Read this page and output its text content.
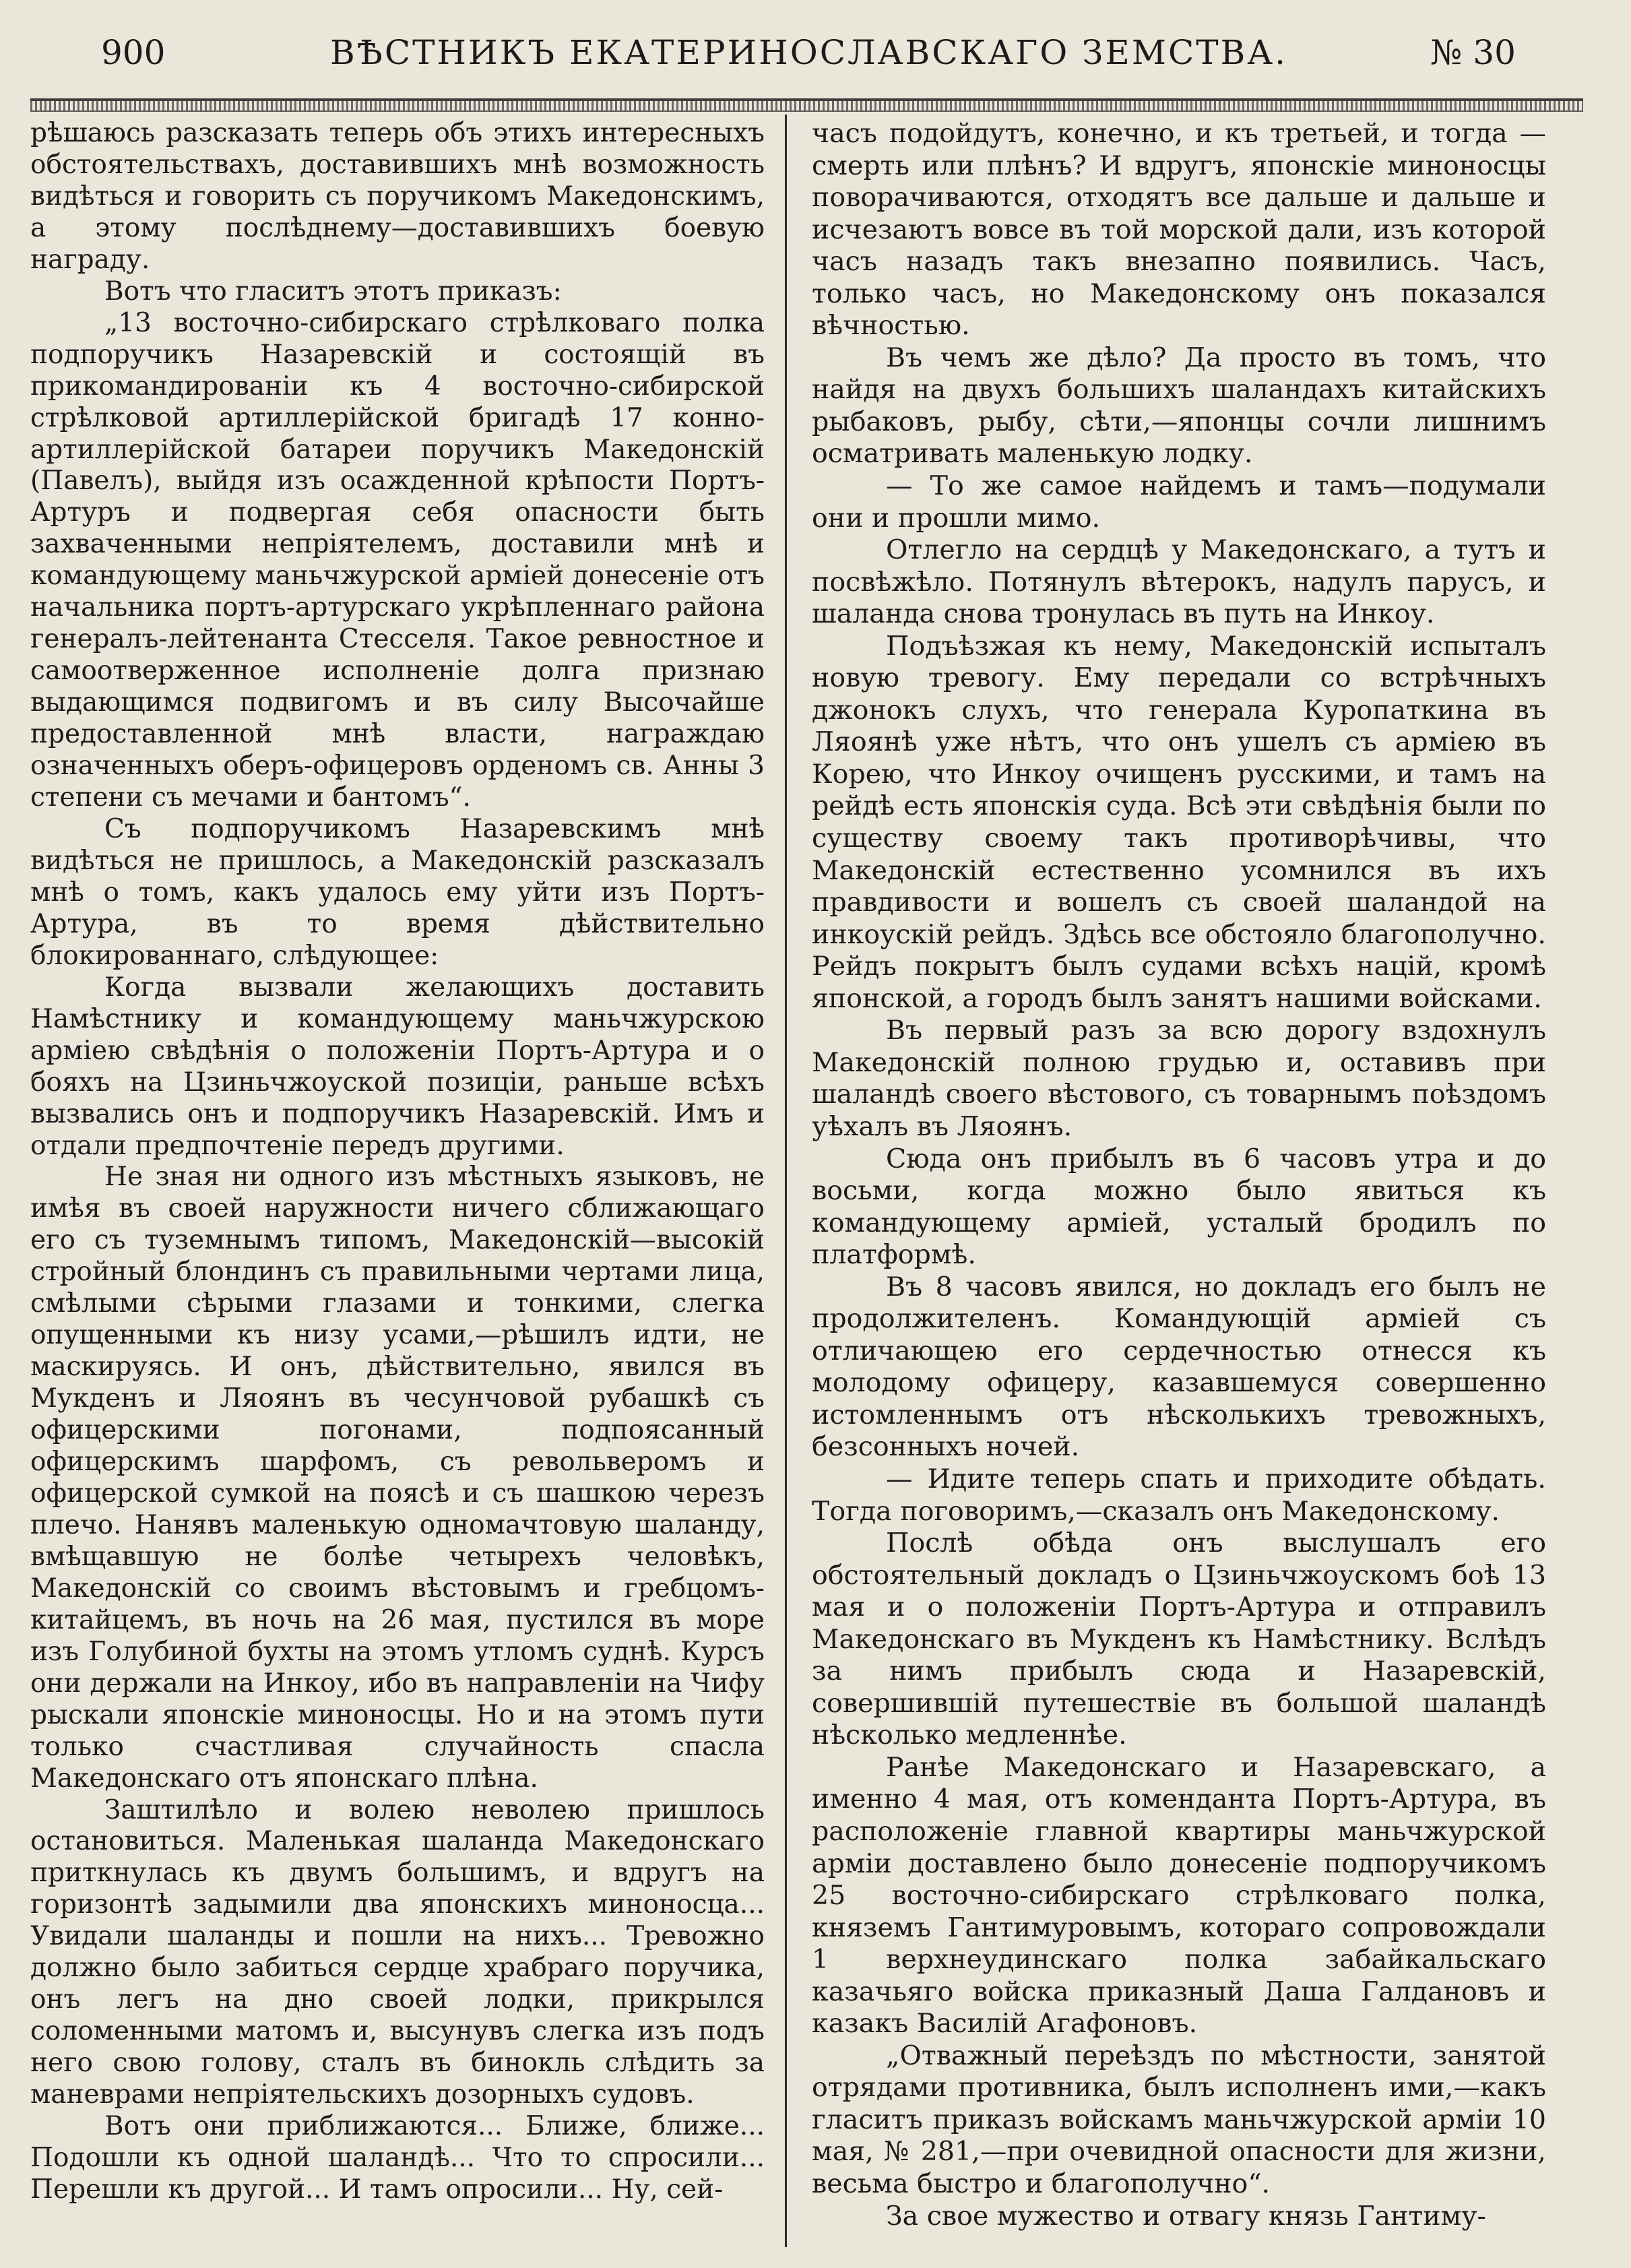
900	ВѢСТНИКЪ ЕКАТЕРИНОСЛАВСКАГО ЗЕМСТВА.	№ 30

рѣшаюсь разсказать теперь объ этихъ интересныхъ обстоятельствахъ, доставившихъ мнѣ возможность видѣться и говорить съ поручикомъ Македонскимъ, а этому послѣднему—доставившихъ боевую награду.

Вотъ что гласитъ этотъ приказъ:

„13 восточно-сибирскаго стрѣлковаго полка подпоручикъ Назаревскій и состоящій въ прикомандированіи къ 4 восточно-сибирской стрѣлковой артиллерійской бригадѣ 17 конно-артиллерійской батареи поручикъ Македонскій (Павелъ), выйдя изъ осажденной крѣпости Портъ-Артуръ и подвергая себя опасности быть захваченными непріятелемъ, доставили мнѣ и командующему маньчжурской арміей донесеніе отъ начальника портъ-артурскаго укрѣпленнаго района генералъ-лейтенанта Стесселя. Такое ревностное и самоотверженное исполненіе долга признаю выдающимся подвигомъ и въ силу Высочайше предоставленной мнѣ власти, награждаю означенныхъ оберъ-офицеровъ орденомъ св. Анны 3 степени съ мечами и бантомъ“.

Съ подпоручикомъ Назаревскимъ мнѣ видѣться не пришлось, а Македонскій разсказалъ мнѣ о томъ, какъ удалось ему уйти изъ Портъ-Артура, въ то время дѣйствительно блокированнаго, слѣдующее:

Когда вызвали желающихъ доставить Намѣстнику и командующему маньчжурскою арміею свѣдѣнія о положеніи Портъ-Артура и о бояхъ на Цзиньчжоуской позиціи, раньше всѣхъ вызвались онъ и подпоручикъ Назаревскій. Имъ и отдали предпочтеніе передъ другими.

Не зная ни одного изъ мѣстныхъ языковъ, не имѣя въ своей наружности ничего сближающаго его съ туземнымъ типомъ, Македонскій—высокій стройный блондинъ съ правильными чертами лица, смѣлыми сѣрыми глазами и тонкими, слегка опущенными къ низу усами,—рѣшилъ идти, не маскируясь. И онъ, дѣйствительно, явился въ Мукденъ и Ляоянъ въ чесунчовой рубашкѣ съ офицерскими погонами, подпоясанный офицерскимъ шарфомъ, съ револьверомъ и офицерской сумкой на поясѣ и съ шашкою черезъ плечо. Нанявъ маленькую одномачтовую шаланду, вмѣщавшую не болѣе четырехъ человѣкъ, Македонскій со своимъ вѣстовымъ и гребцомъ-китайцемъ, въ ночь на 26 мая, пустился въ море изъ Голубиной бухты на этомъ утломъ суднѣ. Курсъ они держали на Инкоу, ибо въ направленіи на Чифу рыскали японскіе миноносцы. Но и на этомъ пути только счастливая случайность спасла Македонскаго отъ японскаго плѣна.

Заштилѣло и волею неволею пришлось остановиться. Маленькая шаланда Македонскаго приткнулась къ двумъ большимъ, и вдругъ на горизонтѣ задымили два японскихъ миноносца... Увидали шаланды и пошли на нихъ... Тревожно должно было забиться сердце храбраго поручика, онъ легъ на дно своей лодки, прикрылся соломенными матомъ и, высунувъ слегка изъ подъ него свою голову, сталъ въ бинокль слѣдить за маневрами непріятельскихъ дозорныхъ судовъ.

Вотъ они приближаются... Ближе, ближе... Подошли къ одной шаландѣ... Что то спросили... Перешли къ другой... И тамъ опросили... Ну, сей-

часъ подойдутъ, конечно, и къ третьей, и тогда —смерть или плѣнъ? И вдругъ, японскіе миноносцы поворачиваются, отходятъ все дальше и дальше и исчезаютъ вовсе въ той морской дали, изъ которой часъ назадъ такъ внезапно появились. Часъ, только часъ, но Македонскому онъ показался вѣчностью.

Въ чемъ же дѣло? Да просто въ томъ, что найдя на двухъ большихъ шаландахъ китайскихъ рыбаковъ, рыбу, сѣти,—японцы сочли лишнимъ осматривать маленькую лодку.

— То же самое найдемъ и тамъ—подумали они и прошли мимо.

Отлегло на сердцѣ у Македонскаго, а тутъ и посвѣжѣло. Потянулъ вѣтерокъ, надулъ парусъ, и шаланда снова тронулась въ путь на Инкоу.

Подъѣзжая къ нему, Македонскій испыталъ новую тревогу. Ему передали со встрѣчныхъ джонокъ слухъ, что генерала Куропаткина въ Ляоянѣ уже нѣтъ, что онъ ушелъ съ арміею въ Корею, что Инкоу очищенъ русскими, и тамъ на рейдѣ есть японскія суда. Всѣ эти свѣдѣнія были по существу своему такъ противорѣчивы, что Македонскій естественно усомнился въ ихъ правдивости и вошелъ съ своей шаландой на инкоускій рейдъ. Здѣсь все обстояло благополучно. Рейдъ покрытъ былъ судами всѣхъ націй, кромѣ японской, а городъ былъ занятъ нашими войсками.

Въ первый разъ за всю дорогу вздохнулъ Македонскій полною грудью и, оставивъ при шаландѣ своего вѣстового, съ товарнымъ поѣздомъ уѣхалъ въ Ляоянъ.

Сюда онъ прибылъ въ 6 часовъ утра и до восьми, когда можно было явиться къ командующему арміей, усталый бродилъ по платформѣ.

Въ 8 часовъ явился, но докладъ его былъ не продолжителенъ. Командующій арміей съ отличающею его сердечностью отнесся къ молодому офицеру, казавшемуся совершенно истомленнымъ отъ нѣсколькихъ тревожныхъ, безсонныхъ ночей.

— Идите теперь спать и приходите обѣдать. Тогда поговоримъ,—сказалъ онъ Македонскому.

Послѣ обѣда онъ выслушалъ его обстоятельный докладъ о Цзиньчжоускомъ боѣ 13 мая и о положеніи Портъ-Артура и отправилъ Македонскаго въ Мукденъ къ Намѣстнику. Вслѣдъ за нимъ прибылъ сюда и Назаревскій, совершившій путешествіе въ большой шаландѣ нѣсколько медленнѣе.

Ранѣе Македонскаго и Назаревскаго, а именно 4 мая, отъ коменданта Портъ-Артура, въ расположеніе главной квартиры маньчжурской арміи доставлено было донесеніе подпоручикомъ 25 восточно-сибирскаго стрѣлковаго полка, княземъ Гантимуровымъ, котораго сопровождали 1 верхнеудинскаго полка забайкальскаго казачьяго войска приказный Даша Галдановъ и казакъ Василій Агафоновъ.

„Отважный переѣздъ по мѣстности, занятой отрядами противника, былъ исполненъ ими,—какъ гласитъ приказъ войскамъ маньчжурской арміи 10 мая, № 281,—при очевидной опасности для жизни, весьма быстро и благополучно“.

За свое мужество и отвагу князь Гантиму-
